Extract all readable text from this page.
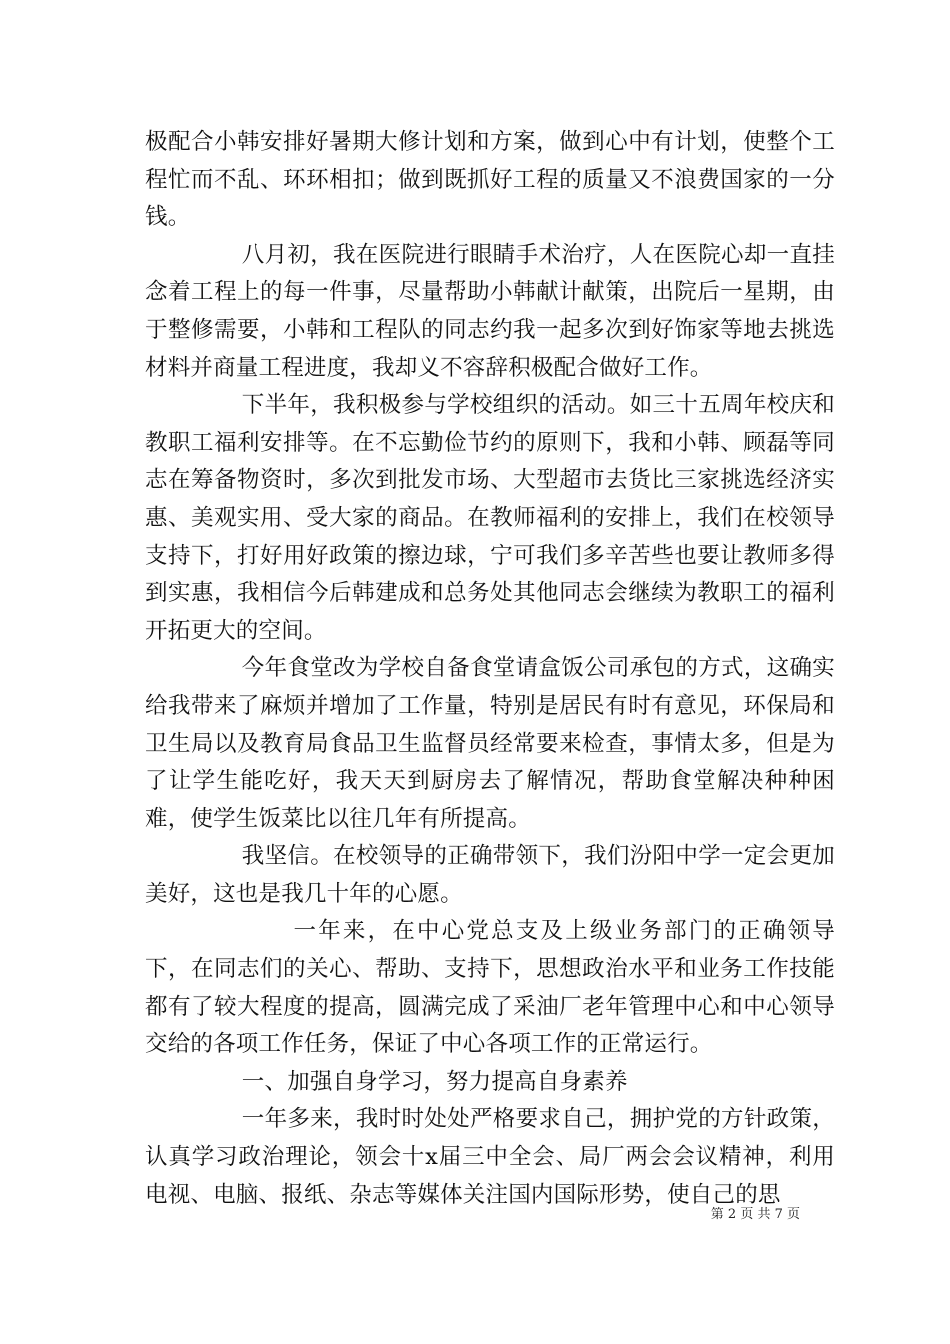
极配合小韩安排好暑期大修计划和方案，做到心中有计划，使整个工程忙而不乱、环环相扣；做到既抓好工程的质量又不浪费国家的一分钱。

八月初，我在医院进行眼睛手术治疗，人在医院心却一直挂念着工程上的每一件事，尽量帮助小韩献计献策，出院后一星期，由于整修需要，小韩和工程队的同志约我一起多次到好饰家等地去挑选材料并商量工程进度，我却义不容辞积极配合做好工作。

下半年，我积极参与学校组织的活动。如三十五周年校庆和教职工福利安排等。在不忘勤俭节约的原则下，我和小韩、顾磊等同志在筹备物资时，多次到批发市场、大型超市去货比三家挑选经济实惠、美观实用、受大家的商品。在教师福利的安排上，我们在校领导支持下，打好用好政策的擦边球，宁可我们多辛苦些也要让教师多得到实惠，我相信今后韩建成和总务处其他同志会继续为教职工的福利开拓更大的空间。

今年食堂改为学校自备食堂请盒饭公司承包的方式，这确实给我带来了麻烦并增加了工作量，特别是居民有时有意见，环保局和卫生局以及教育局食品卫生监督员经常要来检查，事情太多，但是为了让学生能吃好，我天天到厨房去了解情况，帮助食堂解决种种困难，使学生饭菜比以往几年有所提高。

我坚信。在校领导的正确带领下，我们汾阳中学一定会更加美好，这也是我几十年的心愿。

一年来，在中心党总支及上级业务部门的正确领导下，在同志们的关心、帮助、支持下，思想政治水平和业务工作技能都有了较大程度的提高，圆满完成了采油厂老年管理中心和中心领导交给的各项工作任务，保证了中心各项工作的正常运行。

一、加强自身学习，努力提高自身素养

一年多来，我时时处处严格要求自己，拥护党的方针政策，认真学习政治理论，领会十x届三中全会、局厂两会会议精神，利用电视、电脑、报纸、杂志等媒体关注国内国际形势，使自己的思

第 2 页 共 7 页
